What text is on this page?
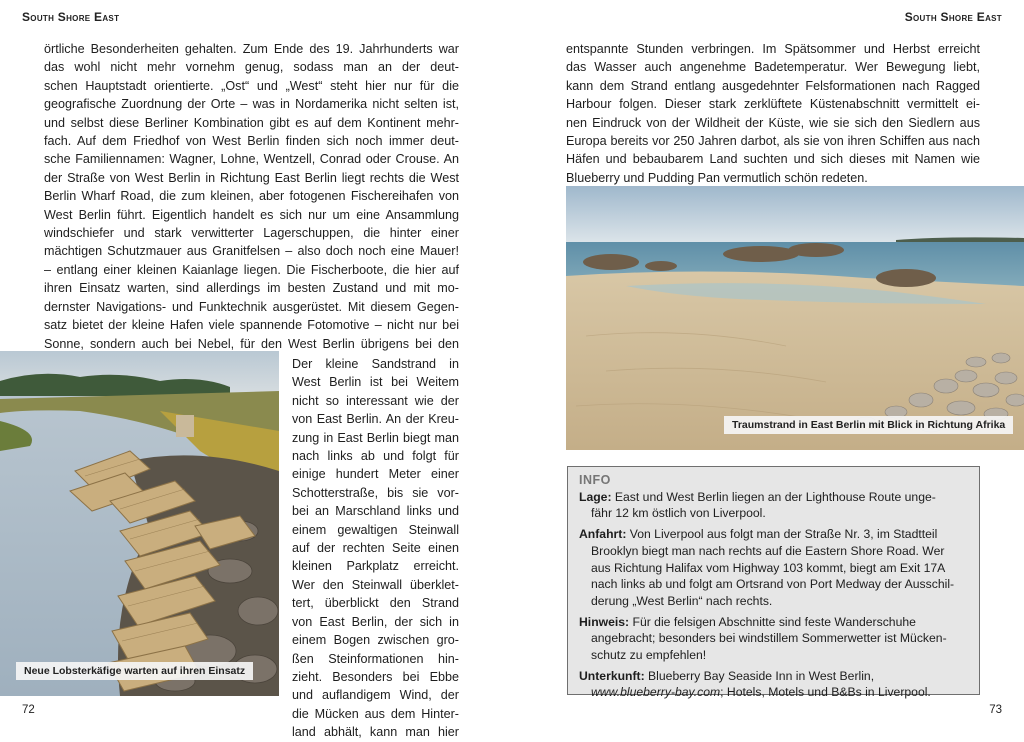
South Shore East
örtliche Besonderheiten gehalten. Zum Ende des 19. Jahrhunderts war
das wohl nicht mehr vornehm genug, sodass man an der deut-
schen Hauptstadt orientierte. „Ost“ und „West“ steht hier nur für die
geografische Zuordnung der Orte – was in Nordamerika nicht selten ist,
und selbst diese Berliner Kombination gibt es auf dem Kontinent mehr-
fach. Auf dem Friedhof von West Berlin finden sich noch immer deut-
sche Familiennamen: Wagner, Lohne, Wentzell, Conrad oder Crouse. An
der Straße von West Berlin in Richtung East Berlin liegt rechts die West
Berlin Wharf Road, die zum kleinen, aber fotogenen Fischereihafen von
West Berlin führt. Eigentlich handelt es sich nur um eine Ansammlung
windschiefer und stark verwitterter Lagerschuppen, die hinter einer
mächtigen Schutzmauer aus Granitfelsen – also doch noch eine Mauer!
– entlang einer kleinen Kaianlage liegen. Die Fischerboote, die hier auf
ihren Einsatz warten, sind allerdings im besten Zustand und mit mo-
dernster Navigations- und Funktechnik ausgerüstet. Mit diesem Gegen-
satz bietet der kleine Hafen viele spannende Fotomotive – nicht nur bei
Sonne, sondern auch bei Nebel, für den West Berlin übrigens bei den
Neue Lobsterkäfige warten auf ihren Einsatz
Der kleine Sandstrand in
West Berlin ist bei Weitem
nicht so interessant wie der
von East Berlin. An der Kreu-
zung in East Berlin biegt man
nach links ab und folgt für
einige hundert Meter einer
Schotterstraße, bis sie vor-
bei an Marschland links und
einem gewaltigen Steinwall
auf der rechten Seite einen
kleinen Parkplatz erreicht.
Wer den Steinwall überklet-
tert, überblickt den Strand
von East Berlin, der sich in
einem Bogen zwischen gro-
ßen Steinformationen hin-
zieht. Besonders bei Ebbe
und auflandigem Wind, der
die Mücken aus dem Hinter-
land abhält, kann man hier
72
South Shore East
73
entspannte Stunden verbringen. Im Spätsommer und Herbst erreicht
das Wasser auch angenehme Badetemperatur. Wer Bewegung liebt,
kann dem Strand entlang ausgedehnter Felsformationen nach Ragged
Harbour folgen. Dieser stark zerklüftete Küstenabschnitt vermittelt ei-
nen Eindruck von der Wildheit der Küste, wie sie sich den Siedlern aus
Europa bereits vor 250 Jahren darbot, als sie von ihren Schiffen aus nach
Häfen und bebaubarem Land suchten und sich dieses mit Namen wie
Blueberry und Pudding Pan vermutlich schön redeten.
Traumstrand in East Berlin mit Blick in Richtung Afrika
INFO
Lage: East und West Berlin liegen an der Lighthouse Route unge-
fähr 12 km östlich von Liverpool.
Anfahrt: Von Liverpool aus folgt man der Straße Nr. 3, im Stadtteil
Brooklyn biegt man nach rechts auf die Eastern Shore Road. Wer
aus Richtung Halifax vom Highway 103 kommt, biegt am Exit 17A
nach links ab und folgt am Ortsrand von Port Medway der Ausschil-
derung „West Berlin“ nach rechts.
Hinweis: Für die felsigen Abschnitte sind feste Wanderschuhe
angebracht; besonders bei windstillem Sommerwetter ist Mücken-
schutz zu empfehlen!
Unterkunft: Blueberry Bay Seaside Inn in West Berlin,
www.blueberry-bay.com; Hotels, Motels und B&Bs in Liverpool.
